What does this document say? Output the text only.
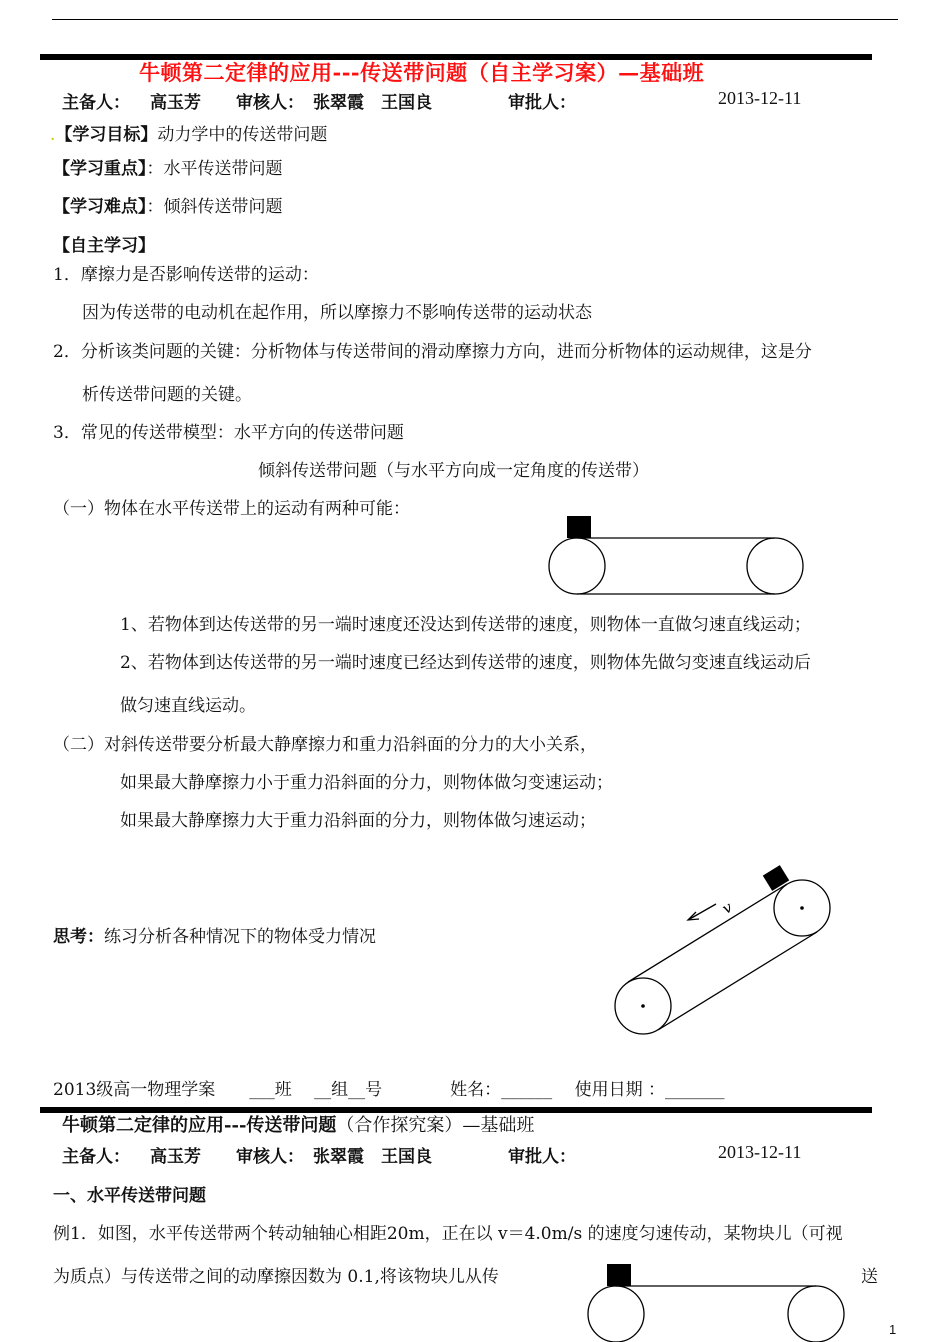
牛顿第二定律的应用---传送带问题（自主学习案）—基础班
主备人： 高玉芳 审核人： 张翠霞　王国良	审批人：	2013-12-11
.【学习目标】动力学中的传送带问题
【学习重点】：水平传送带问题
【学习难点】：倾斜传送带问题
【自主学习】
1．摩擦力是否影响传送带的运动：
因为传送带的电动机在起作用，所以摩擦力不影响传送带的运动状态
2．分析该类问题的关键：分析物体与传送带间的滑动摩擦力方向，进而分析物体的运动规律，这是分
析传送带问题的关键。
3．常见的传送带模型：水平方向的传送带问题
倾斜传送带问题（与水平方向成一定角度的传送带）
（一）物体在水平传送带上的运动有两种可能：
1、若物体到达传送带的另一端时速度还没达到传送带的速度，则物体一直做匀速直线运动；
2、若物体到达传送带的另一端时速度已经达到传送带的速度，则物体先做匀变速直线运动后
做匀速直线运动。
（二）对斜传送带要分析最大静摩擦力和重力沿斜面的分力的大小关系，
如果最大静摩擦力小于重力沿斜面的分力，则物体做匀变速运动；
如果最大静摩擦力大于重力沿斜面的分力，则物体做匀速运动；
思考：练习分析各种情况下的物体受力情况
v
2013级高一物理学案　　___班　 __组__号　　　　姓名：______　 使用日期 ：_______
牛顿第二定律的应用---传送带问题（合作探究案）—基础班
主备人： 高玉芳 审核人： 张翠霞　王国良	审批人：	2013-12-11
一、水平传送带问题
例1．如图，水平传送带两个转动轴轴心相距20m，正在以 v＝4.0m/s 的速度匀速传动，某物块儿（可视
为质点）与传送带之间的动摩擦因数为 0.1,将该物块儿从传	送
1
